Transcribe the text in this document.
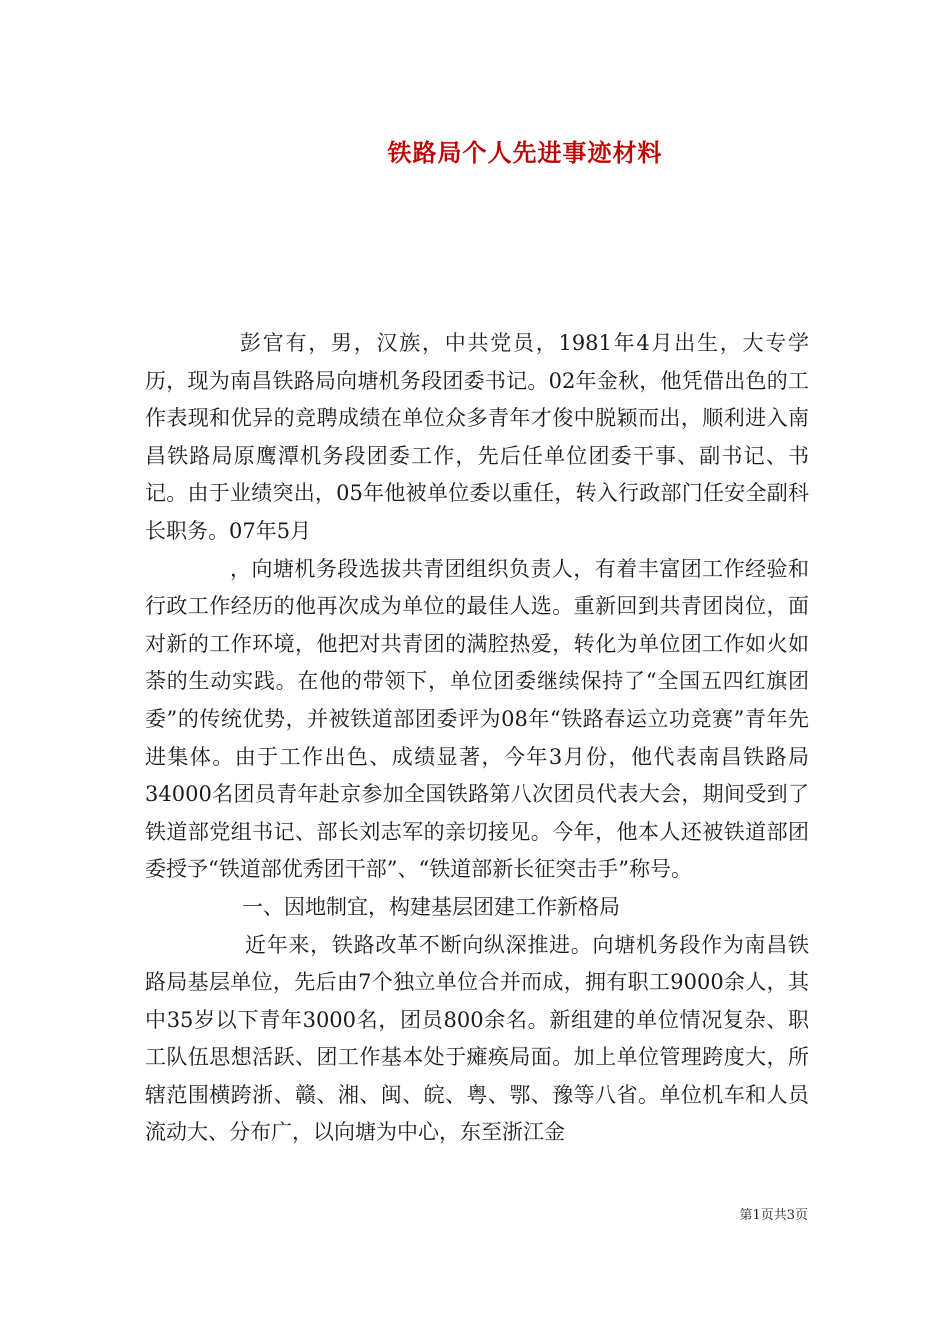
铁路局个人先进事迹材料

彭官有，男，汉族，中共党员，1981年4月出生，大专学历，现为南昌铁路局向塘机务段团委书记。02年金秋，他凭借出色的工作表现和优异的竞聘成绩在单位众多青年才俊中脱颖而出，顺利进入南昌铁路局原鹰潭机务段团委工作，先后任单位团委干事、副书记、书记。由于业绩突出，05年他被单位委以重任，转入行政部门任安全副科长职务。07年5月

，向塘机务段选拔共青团组织负责人，有着丰富团工作经验和行政工作经历的他再次成为单位的最佳人选。重新回到共青团岗位，面对新的工作环境，他把对共青团的满腔热爱，转化为单位团工作如火如荼的生动实践。在他的带领下，单位团委继续保持了“全国五四红旗团委”的传统优势，并被铁道部团委评为08年“铁路春运立功竞赛”青年先进集体。由于工作出色、成绩显著，今年3月份，他代表南昌铁路局34000名团员青年赴京参加全国铁路第八次团员代表大会，期间受到了铁道部党组书记、部长刘志军的亲切接见。今年，他本人还被铁道部团委授予“铁道部优秀团干部”、“铁道部新长征突击手”称号。

一、因地制宜，构建基层团建工作新格局

近年来，铁路改革不断向纵深推进。向塘机务段作为南昌铁路局基层单位，先后由7个独立单位合并而成，拥有职工9000余人，其中35岁以下青年3000名，团员800余名。新组建的单位情况复杂、职工队伍思想活跃、团工作基本处于瘫痪局面。加上单位管理跨度大，所辖范围横跨浙、赣、湘、闽、皖、粤、鄂、豫等八省。单位机车和人员流动大、分布广，以向塘为中心，东至浙江金

第1页共3页
